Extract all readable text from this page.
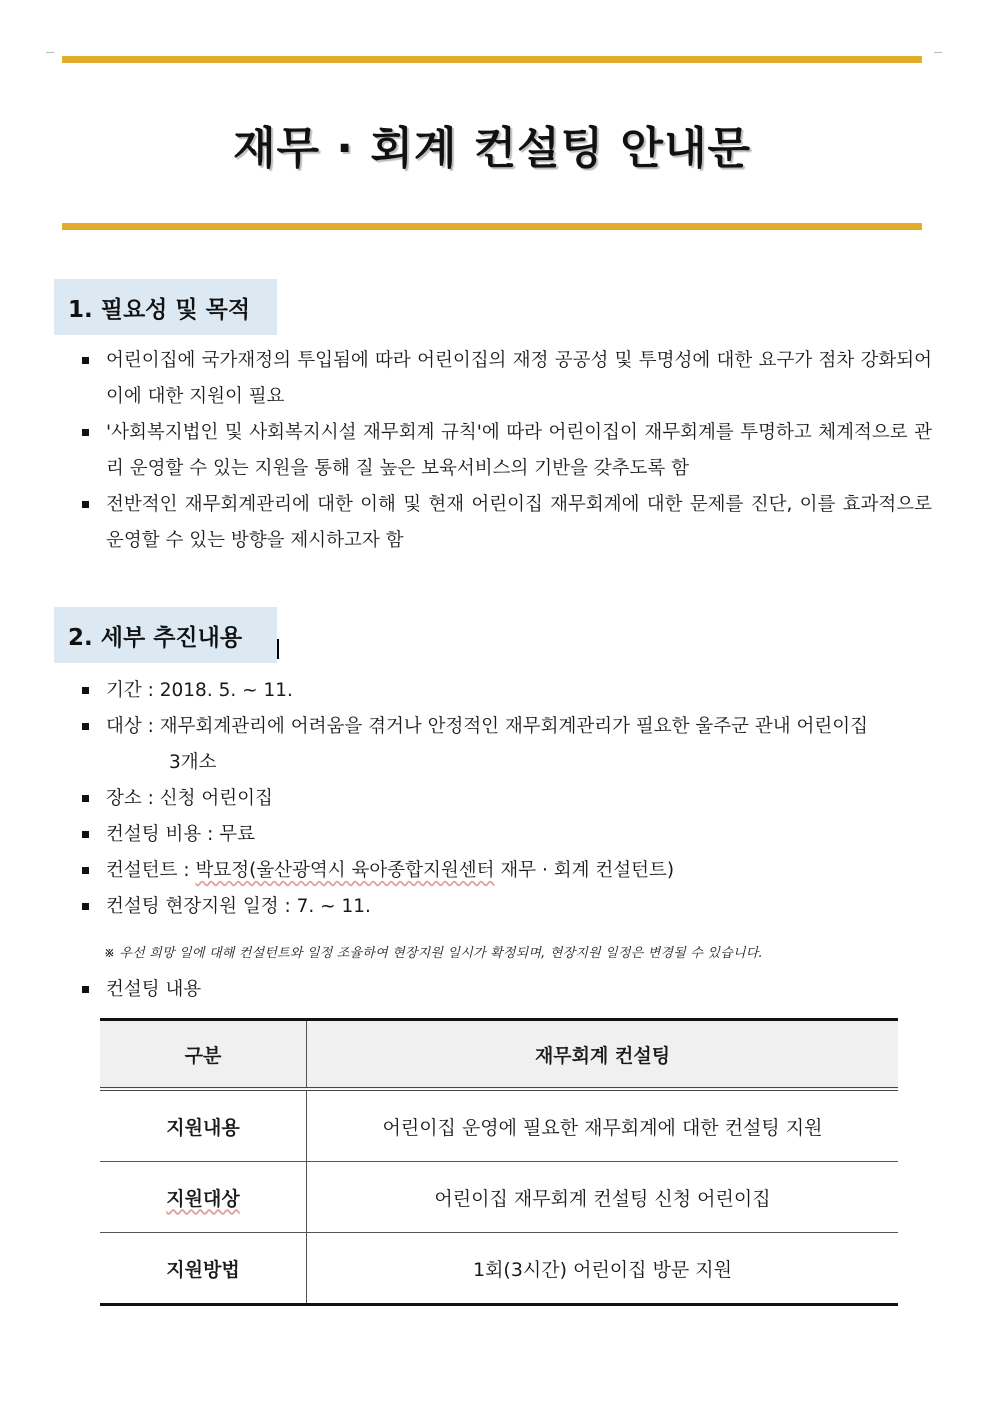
재무 · 회계 컨설팅 안내문
1. 필요성 및 목적
어린이집에 국가재정의 투입됨에 따라 어린이집의 재정 공공성 및 투명성에 대한 요구가 점차 강화되어 이에 대한 지원이 필요
'사회복지법인 및 사회복지시설 재무회계 규칙'에 따라 어린이집이 재무회계를 투명하고 체계적으로 관리 운영할 수 있는 지원을 통해 질 높은 보육서비스의 기반을 갖추도록 함
전반적인 재무회계관리에 대한 이해 및 현재 어린이집 재무회계에 대한 문제를 진단, 이를 효과적으로 운영할 수 있는 방향을 제시하고자 함
2. 세부 추진내용
기간 : 2018. 5. ~ 11.
대상 : 재무회계관리에 어려움을 겪거나 안정적인 재무회계관리가 필요한 울주군 관내 어린이집
3개소
장소 : 신청 어린이집
컨설팅 비용 : 무료
컨설턴트 : 박묘정(울산광역시 육아종합지원센터 재무 · 회계 컨설턴트)
컨설팅 현장지원 일정 : 7. ~ 11.
※ 우선 희망 일에 대해 컨설턴트와 일정 조율하여 현장지원 일시가 확정되며, 현장지원 일정은 변경될 수 있습니다.
컨설팅 내용
구분	재무회계 컨설팅
지원내용	어린이집 운영에 필요한 재무회계에 대한 컨설팅 지원
지원대상	어린이집 재무회계 컨설팅 신청 어린이집
지원방법	1회(3시간) 어린이집 방문 지원
